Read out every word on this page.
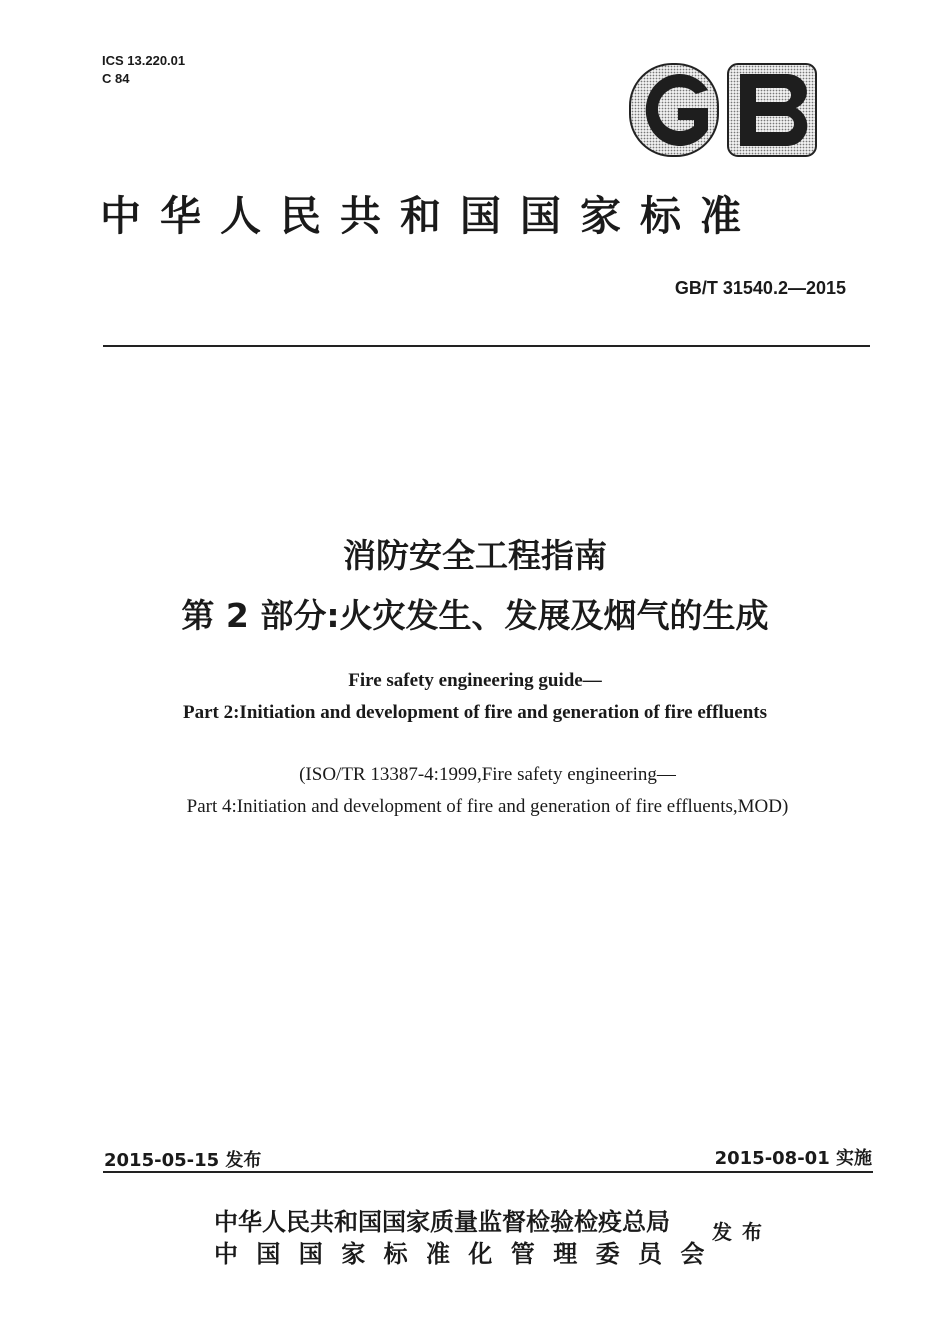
ICS 13.220.01
C 84
中华人民共和国国家标准
GB/T 31540.2—2015
消防安全工程指南
第 2 部分:火灾发生、发展及烟气的生成
Fire safety engineering guide—
Part 2:Initiation and development of fire and generation of fire effluents
(ISO/TR 13387-4:1999,Fire safety engineering—
Part 4:Initiation and development of fire and generation of fire effluents,MOD)
2015-05-15 发布	2015-08-01 实施
中华人民共和国国家质量监督检验检疫总局
中国国家标准化管理委员会
发布
